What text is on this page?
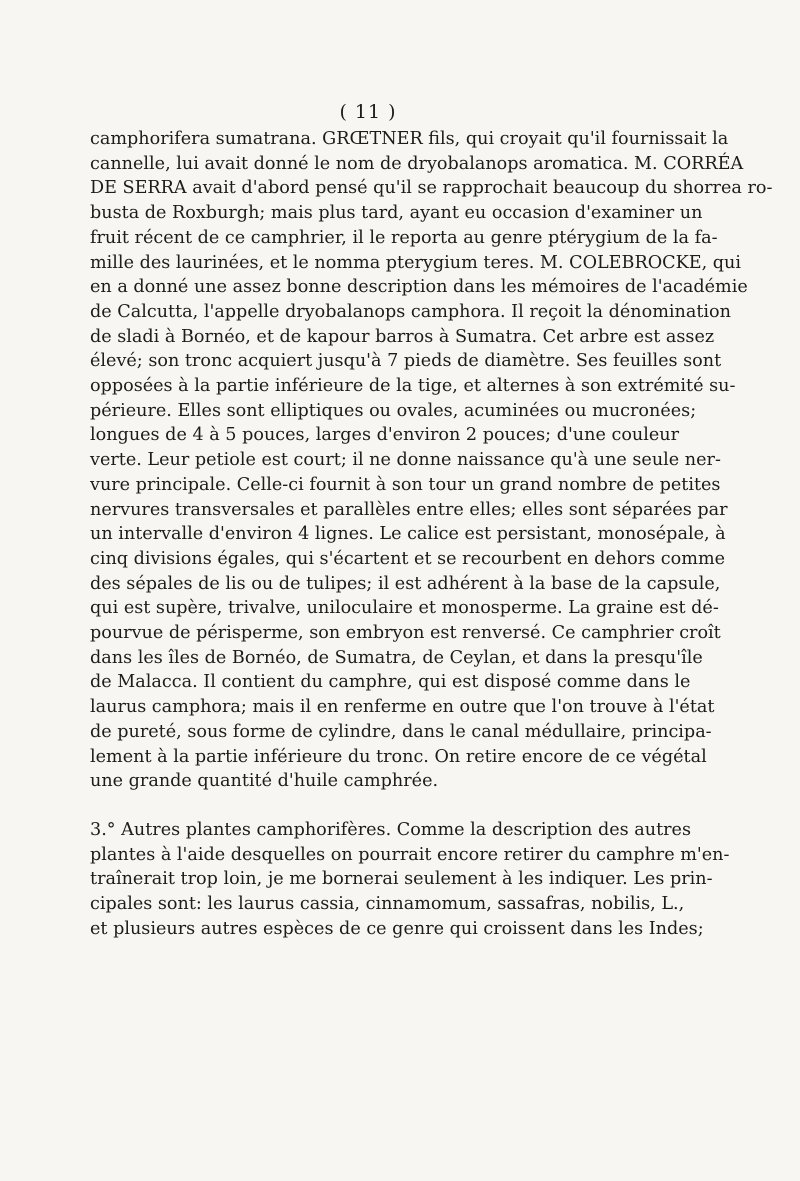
( 11 )

camphorifera sumatrana. GRŒTNER fils, qui croyait qu'il fournissait la
cannelle, lui avait donné le nom de dryobalanops aromatica. M. CORRÉA
DE SERRA avait d'abord pensé qu'il se rapprochait beaucoup du shorrea ro-
busta de Roxburgh; mais plus tard, ayant eu occasion d'examiner un
fruit récent de ce camphrier, il le reporta au genre ptérygium de la fa-
mille des laurinées, et le nomma pterygium teres. M. COLEBROCKE, qui
en a donné une assez bonne description dans les mémoires de l'académie
de Calcutta, l'appelle dryobalanops camphora. Il reçoit la dénomination
de sladi à Bornéo, et de kapour barros à Sumatra. Cet arbre est assez
élevé; son tronc acquiert jusqu'à 7 pieds de diamètre. Ses feuilles sont
opposées à la partie inférieure de la tige, et alternes à son extrémité su-
périeure. Elles sont elliptiques ou ovales, acuminées ou mucronées;
longues de 4 à 5 pouces, larges d'environ 2 pouces; d'une couleur
verte. Leur petiole est court; il ne donne naissance qu'à une seule ner-
vure principale. Celle-ci fournit à son tour un grand nombre de petites
nervures transversales et parallèles entre elles; elles sont séparées par
un intervalle d'environ 4 lignes. Le calice est persistant, monosépale, à
cinq divisions égales, qui s'écartent et se recourbent en dehors comme
des sépales de lis ou de tulipes; il est adhérent à la base de la capsule,
qui est supère, trivalve, uniloculaire et monosperme. La graine est dé-
pourvue de périsperme, son embryon est renversé. Ce camphrier croît
dans les îles de Bornéo, de Sumatra, de Ceylan, et dans la presqu'île
de Malacca. Il contient du camphre, qui est disposé comme dans le
laurus camphora; mais il en renferme en outre que l'on trouve à l'état
de pureté, sous forme de cylindre, dans le canal médullaire, principa-
lement à la partie inférieure du tronc. On retire encore de ce végétal
une grande quantité d'huile camphrée.

3.° Autres plantes camphorifères. Comme la description des autres
plantes à l'aide desquelles on pourrait encore retirer du camphre m'en-
traînerait trop loin, je me bornerai seulement à les indiquer. Les prin-
cipales sont: les laurus cassia, cinnamomum, sassafras, nobilis, L.,
et plusieurs autres espèces de ce genre qui croissent dans les Indes;
